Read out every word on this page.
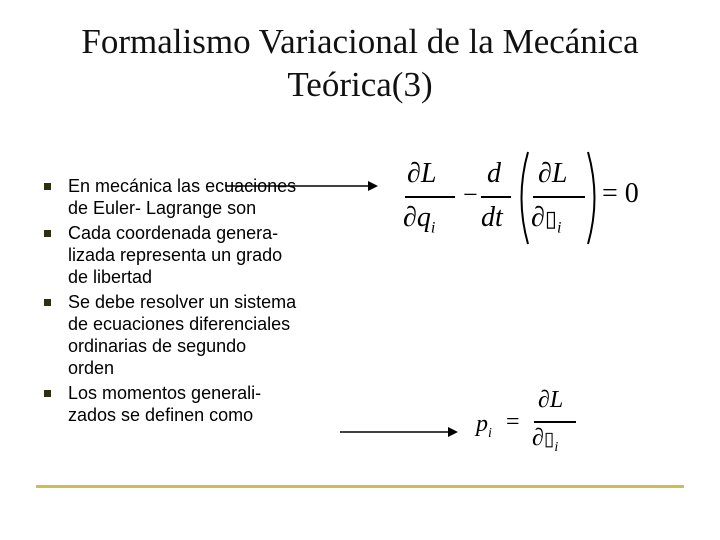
Formalismo Variacional de la Mecánica
Teórica(3)
En mecánica las ecuaciones
de Euler- Lagrange son
Cada coordenada genera-
lizada representa un grado
de libertad
Se debe resolver un sistema
de ecuaciones diferenciales
ordinarias de segundo
orden
Los momentos generali-
zados se definen como
∂L
$\partial q_i$
−
d
dt
∂L
$\partial▯_i$
= 0
$p_i$ =
∂L
$\partial▯_i$
